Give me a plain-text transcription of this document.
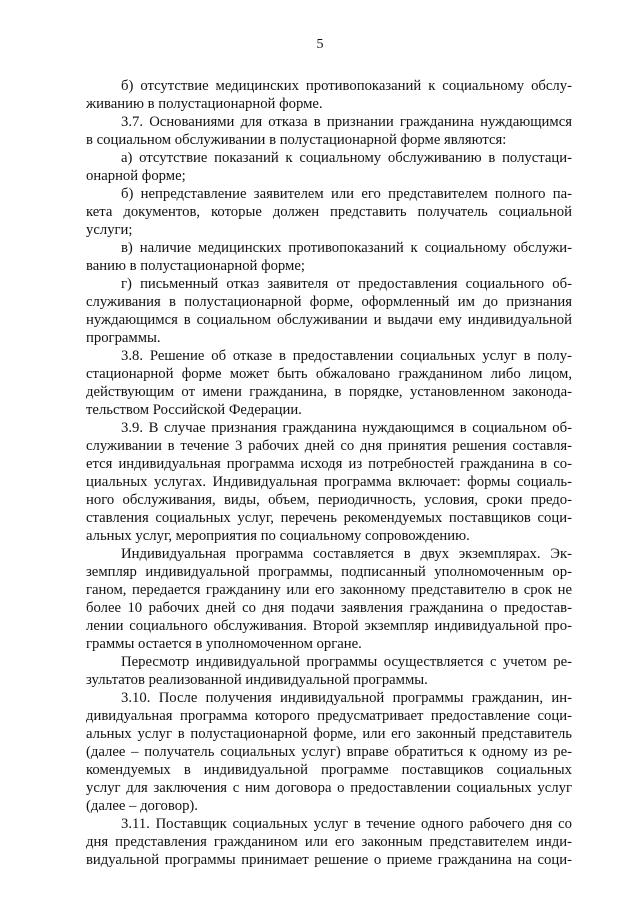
5
б) отсутствие медицинских противопоказаний к социальному обслу-
живанию в полустационарной форме.
3.7. Основаниями для отказа в признании гражданина нуждающимся
в социальном обслуживании в полустационарной форме являются:
а) отсутствие показаний к социальному обслуживанию в полустаци-
онарной форме;
б) непредставление заявителем или его представителем полного па-
кета документов, которые должен представить получатель социальной
услуги;
в) наличие медицинских противопоказаний к социальному обслужи-
ванию в полустационарной форме;
г) письменный отказ заявителя от предоставления социального об-
служивания в полустационарной форме, оформленный им до признания
нуждающимся в социальном обслуживании и выдачи ему индивидуальной
программы.
3.8. Решение об отказе в предоставлении социальных услуг в полу-
стационарной форме может быть обжаловано гражданином либо лицом,
действующим от имени гражданина, в порядке, установленном законода-
тельством Российской Федерации.
3.9. В случае признания гражданина нуждающимся в социальном об-
служивании в течение 3 рабочих дней со дня принятия решения составля-
ется индивидуальная программа исходя из потребностей гражданина в со-
циальных услугах. Индивидуальная программа включает: формы социаль-
ного обслуживания, виды, объем, периодичность, условия, сроки предо-
ставления социальных услуг, перечень рекомендуемых поставщиков соци-
альных услуг, мероприятия по социальному сопровождению.
Индивидуальная программа составляется в двух экземплярах. Эк-
земпляр индивидуальной программы, подписанный уполномоченным ор-
ганом, передается гражданину или его законному представителю в срок не
более 10 рабочих дней со дня подачи заявления гражданина о предостав-
лении социального обслуживания. Второй экземпляр индивидуальной про-
граммы остается в уполномоченном органе.
Пересмотр индивидуальной программы осуществляется с учетом ре-
зультатов реализованной индивидуальной программы.
3.10. После получения индивидуальной программы гражданин, ин-
дивидуальная программа которого предусматривает предоставление соци-
альных услуг в полустационарной форме, или его законный представитель
(далее – получатель социальных услуг) вправе обратиться к одному из ре-
комендуемых в индивидуальной программе поставщиков социальных
услуг для заключения с ним договора о предоставлении социальных услуг
(далее – договор).
3.11. Поставщик социальных услуг в течение одного рабочего дня со
дня представления гражданином или его законным представителем инди-
видуальной программы принимает решение о приеме гражданина на соци-
